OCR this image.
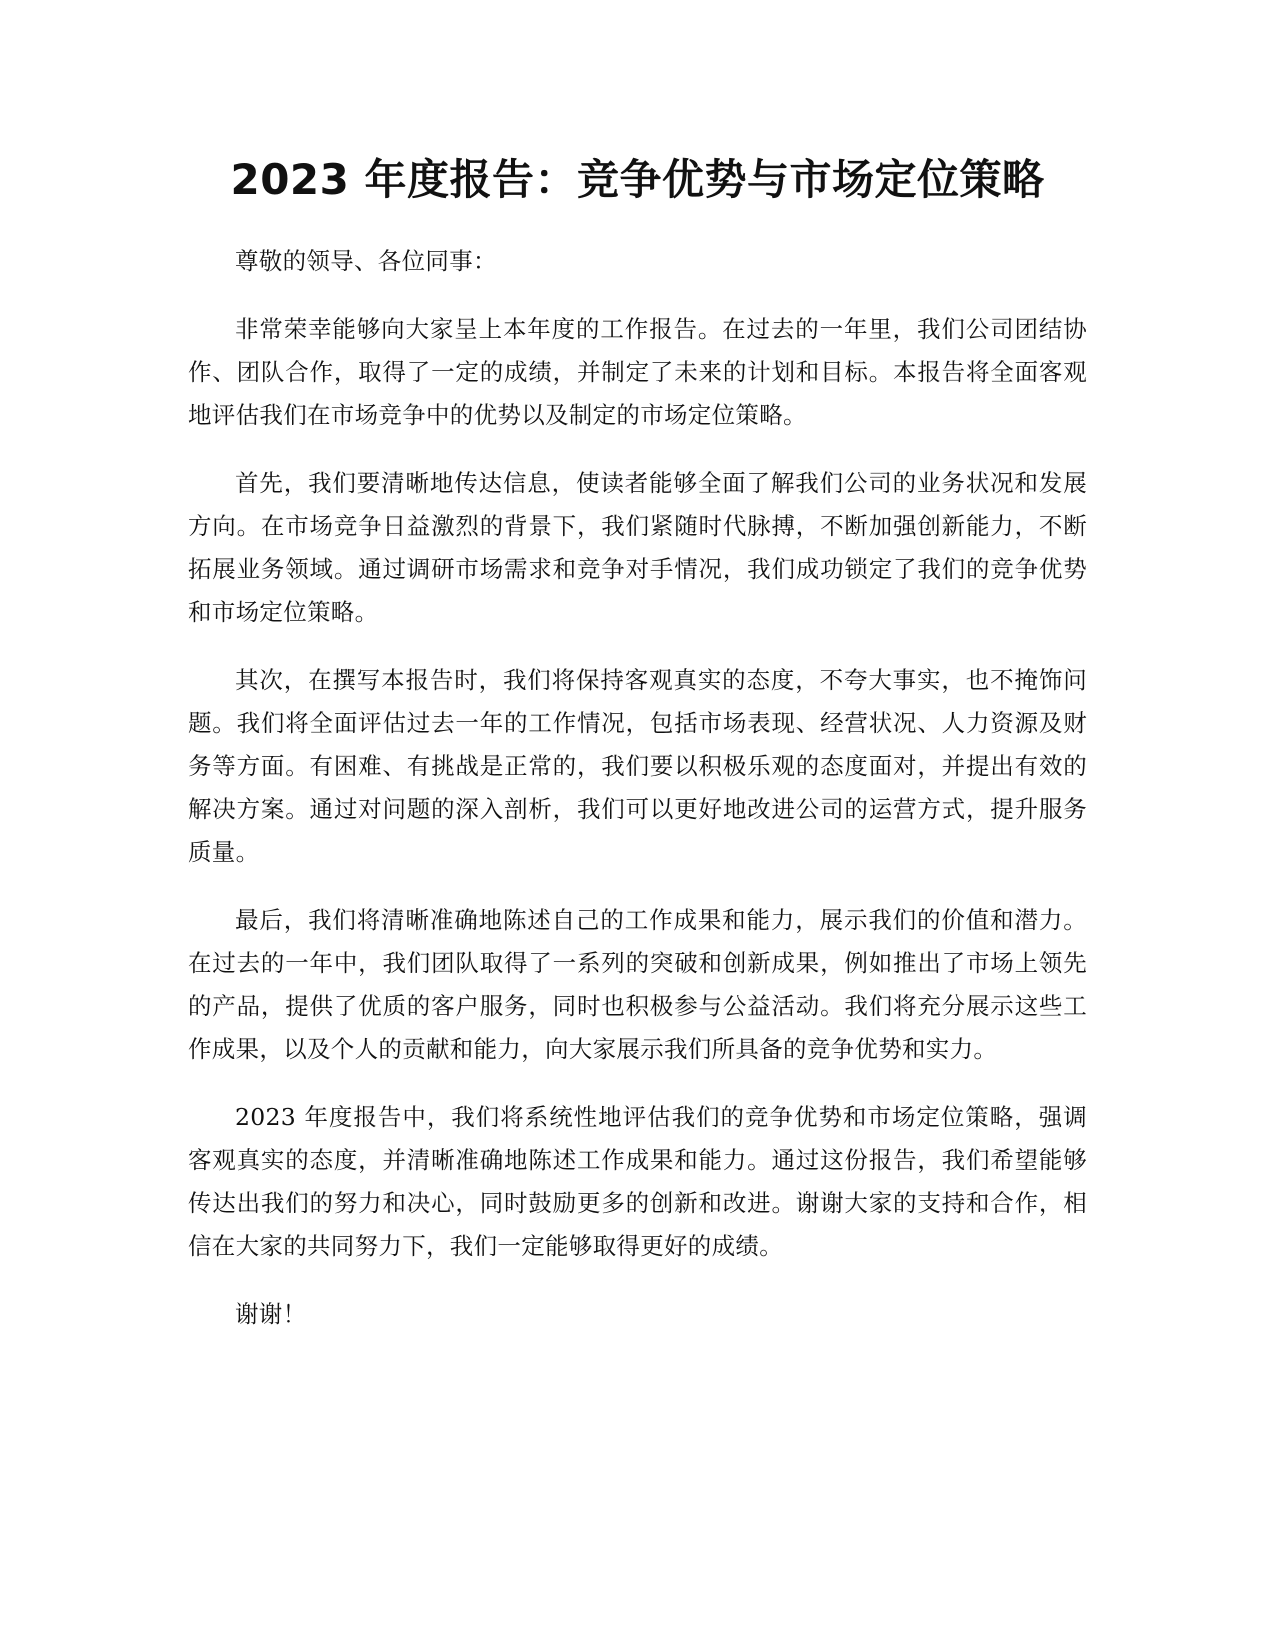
2023 年度报告：竞争优势与市场定位策略

尊敬的领导、各位同事：

非常荣幸能够向大家呈上本年度的工作报告。在过去的一年里，我们公司团结协作、团队合作，取得了一定的成绩，并制定了未来的计划和目标。本报告将全面客观地评估我们在市场竞争中的优势以及制定的市场定位策略。

首先，我们要清晰地传达信息，使读者能够全面了解我们公司的业务状况和发展方向。在市场竞争日益激烈的背景下，我们紧随时代脉搏，不断加强创新能力，不断拓展业务领域。通过调研市场需求和竞争对手情况，我们成功锁定了我们的竞争优势和市场定位策略。

其次，在撰写本报告时，我们将保持客观真实的态度，不夸大事实，也不掩饰问题。我们将全面评估过去一年的工作情况，包括市场表现、经营状况、人力资源及财务等方面。有困难、有挑战是正常的，我们要以积极乐观的态度面对，并提出有效的解决方案。通过对问题的深入剖析，我们可以更好地改进公司的运营方式，提升服务质量。

最后，我们将清晰准确地陈述自己的工作成果和能力，展示我们的价值和潜力。在过去的一年中，我们团队取得了一系列的突破和创新成果，例如推出了市场上领先的产品，提供了优质的客户服务，同时也积极参与公益活动。我们将充分展示这些工作成果，以及个人的贡献和能力，向大家展示我们所具备的竞争优势和实力。

2023 年度报告中，我们将系统性地评估我们的竞争优势和市场定位策略，强调客观真实的态度，并清晰准确地陈述工作成果和能力。通过这份报告，我们希望能够传达出我们的努力和决心，同时鼓励更多的创新和改进。谢谢大家的支持和合作，相信在大家的共同努力下，我们一定能够取得更好的成绩。

谢谢！
